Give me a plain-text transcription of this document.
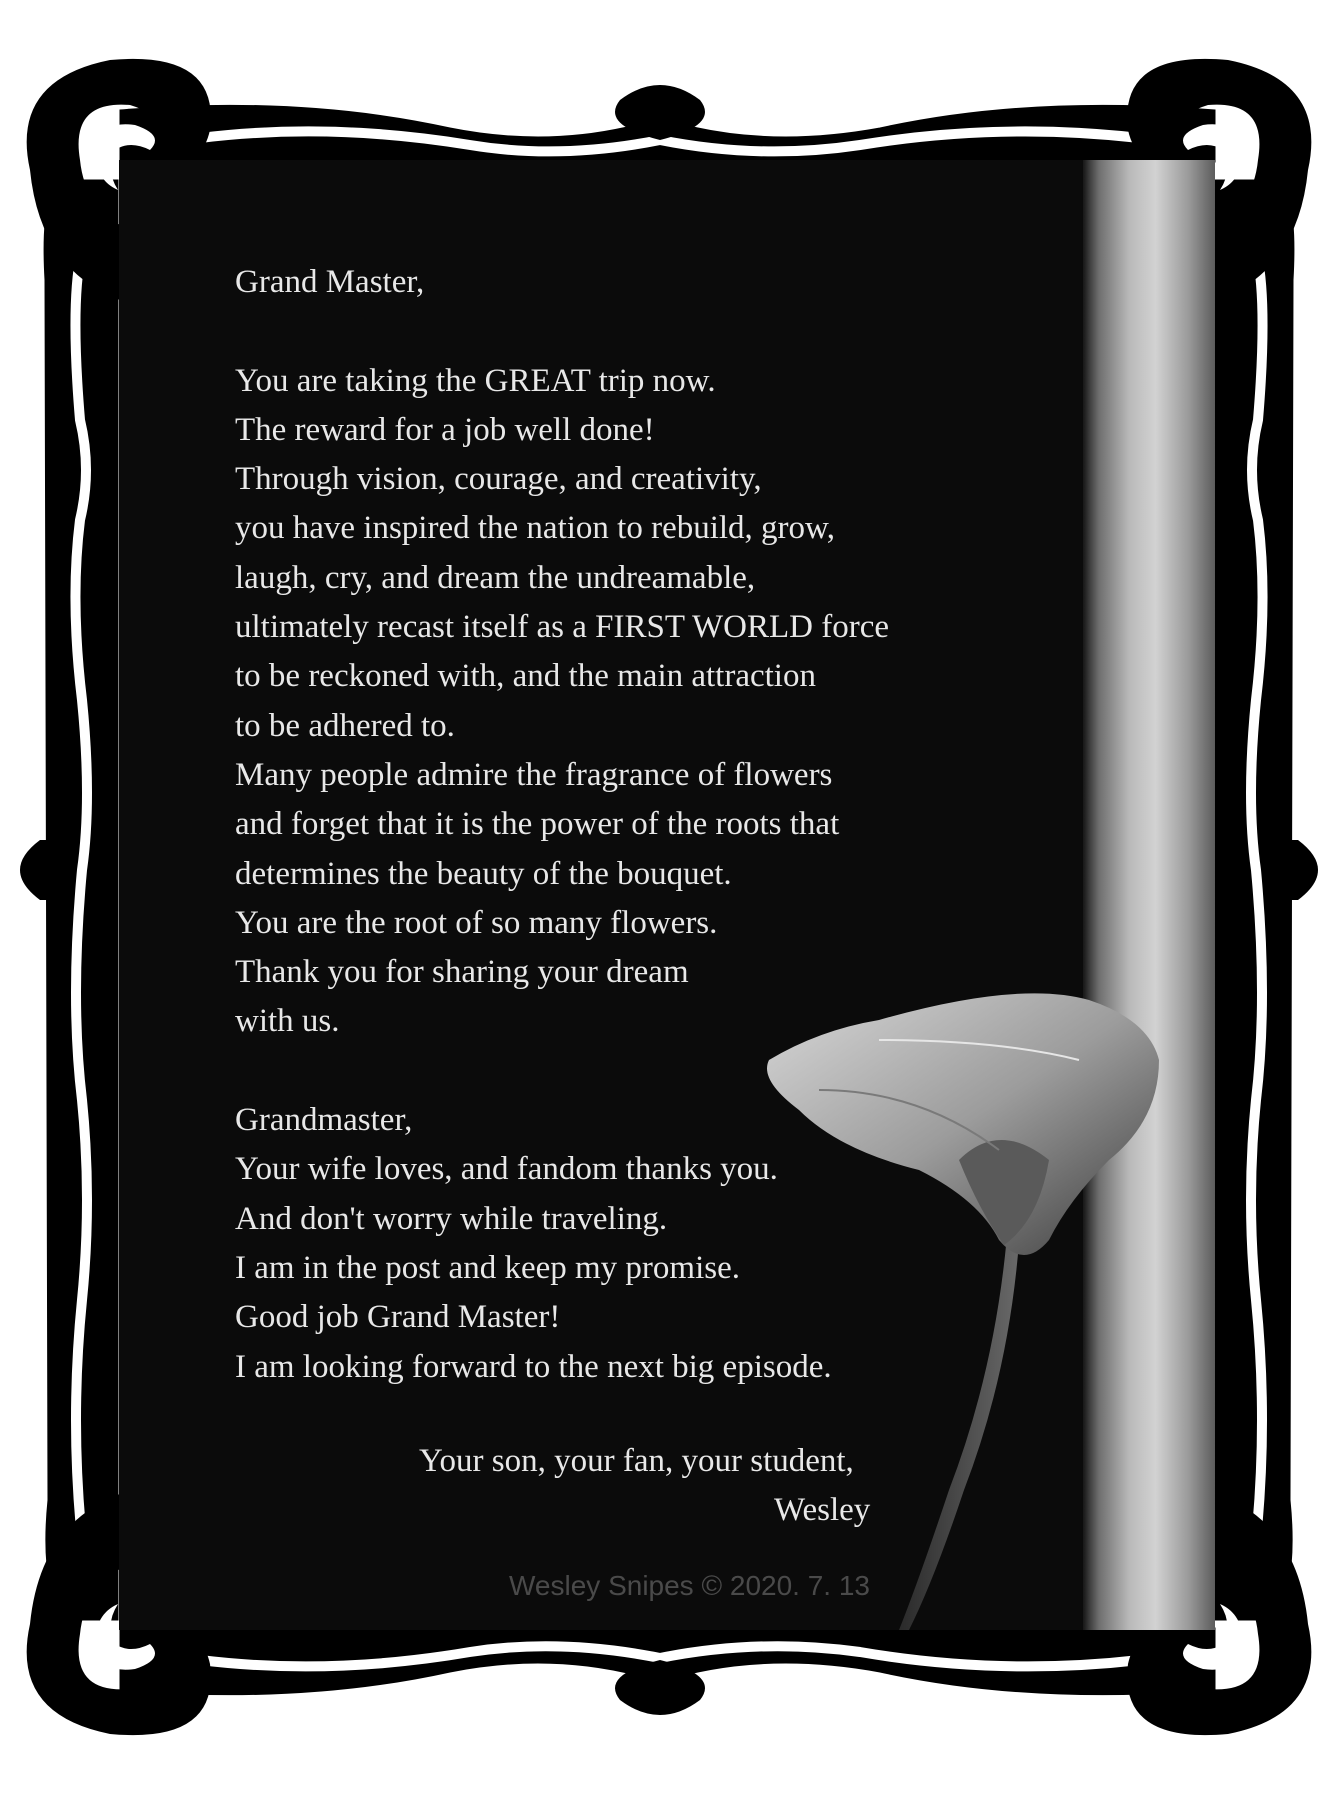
Grand Master,
You are taking the GREAT trip now.
The reward for a job well done!
Through vision, courage, and creativity,
you have inspired the nation to rebuild, grow,
laugh, cry, and dream the undreamable,
ultimately recast itself as a FIRST WORLD force
to be reckoned with, and the main attraction
to be adhered to.
Many people admire the fragrance of flowers
and forget that it is the power of the roots that
determines the beauty of the bouquet.
You are the root of so many flowers.
Thank you for sharing your dream
with us.
Grandmaster,
Your wife loves, and fandom thanks you.
And don't worry while traveling.
I am in the post and keep my promise.
Good job Grand Master!
I am looking forward to the next big episode.
Your son, your fan, your student,
Wesley
Wesley Snipes © 2020. 7. 13
